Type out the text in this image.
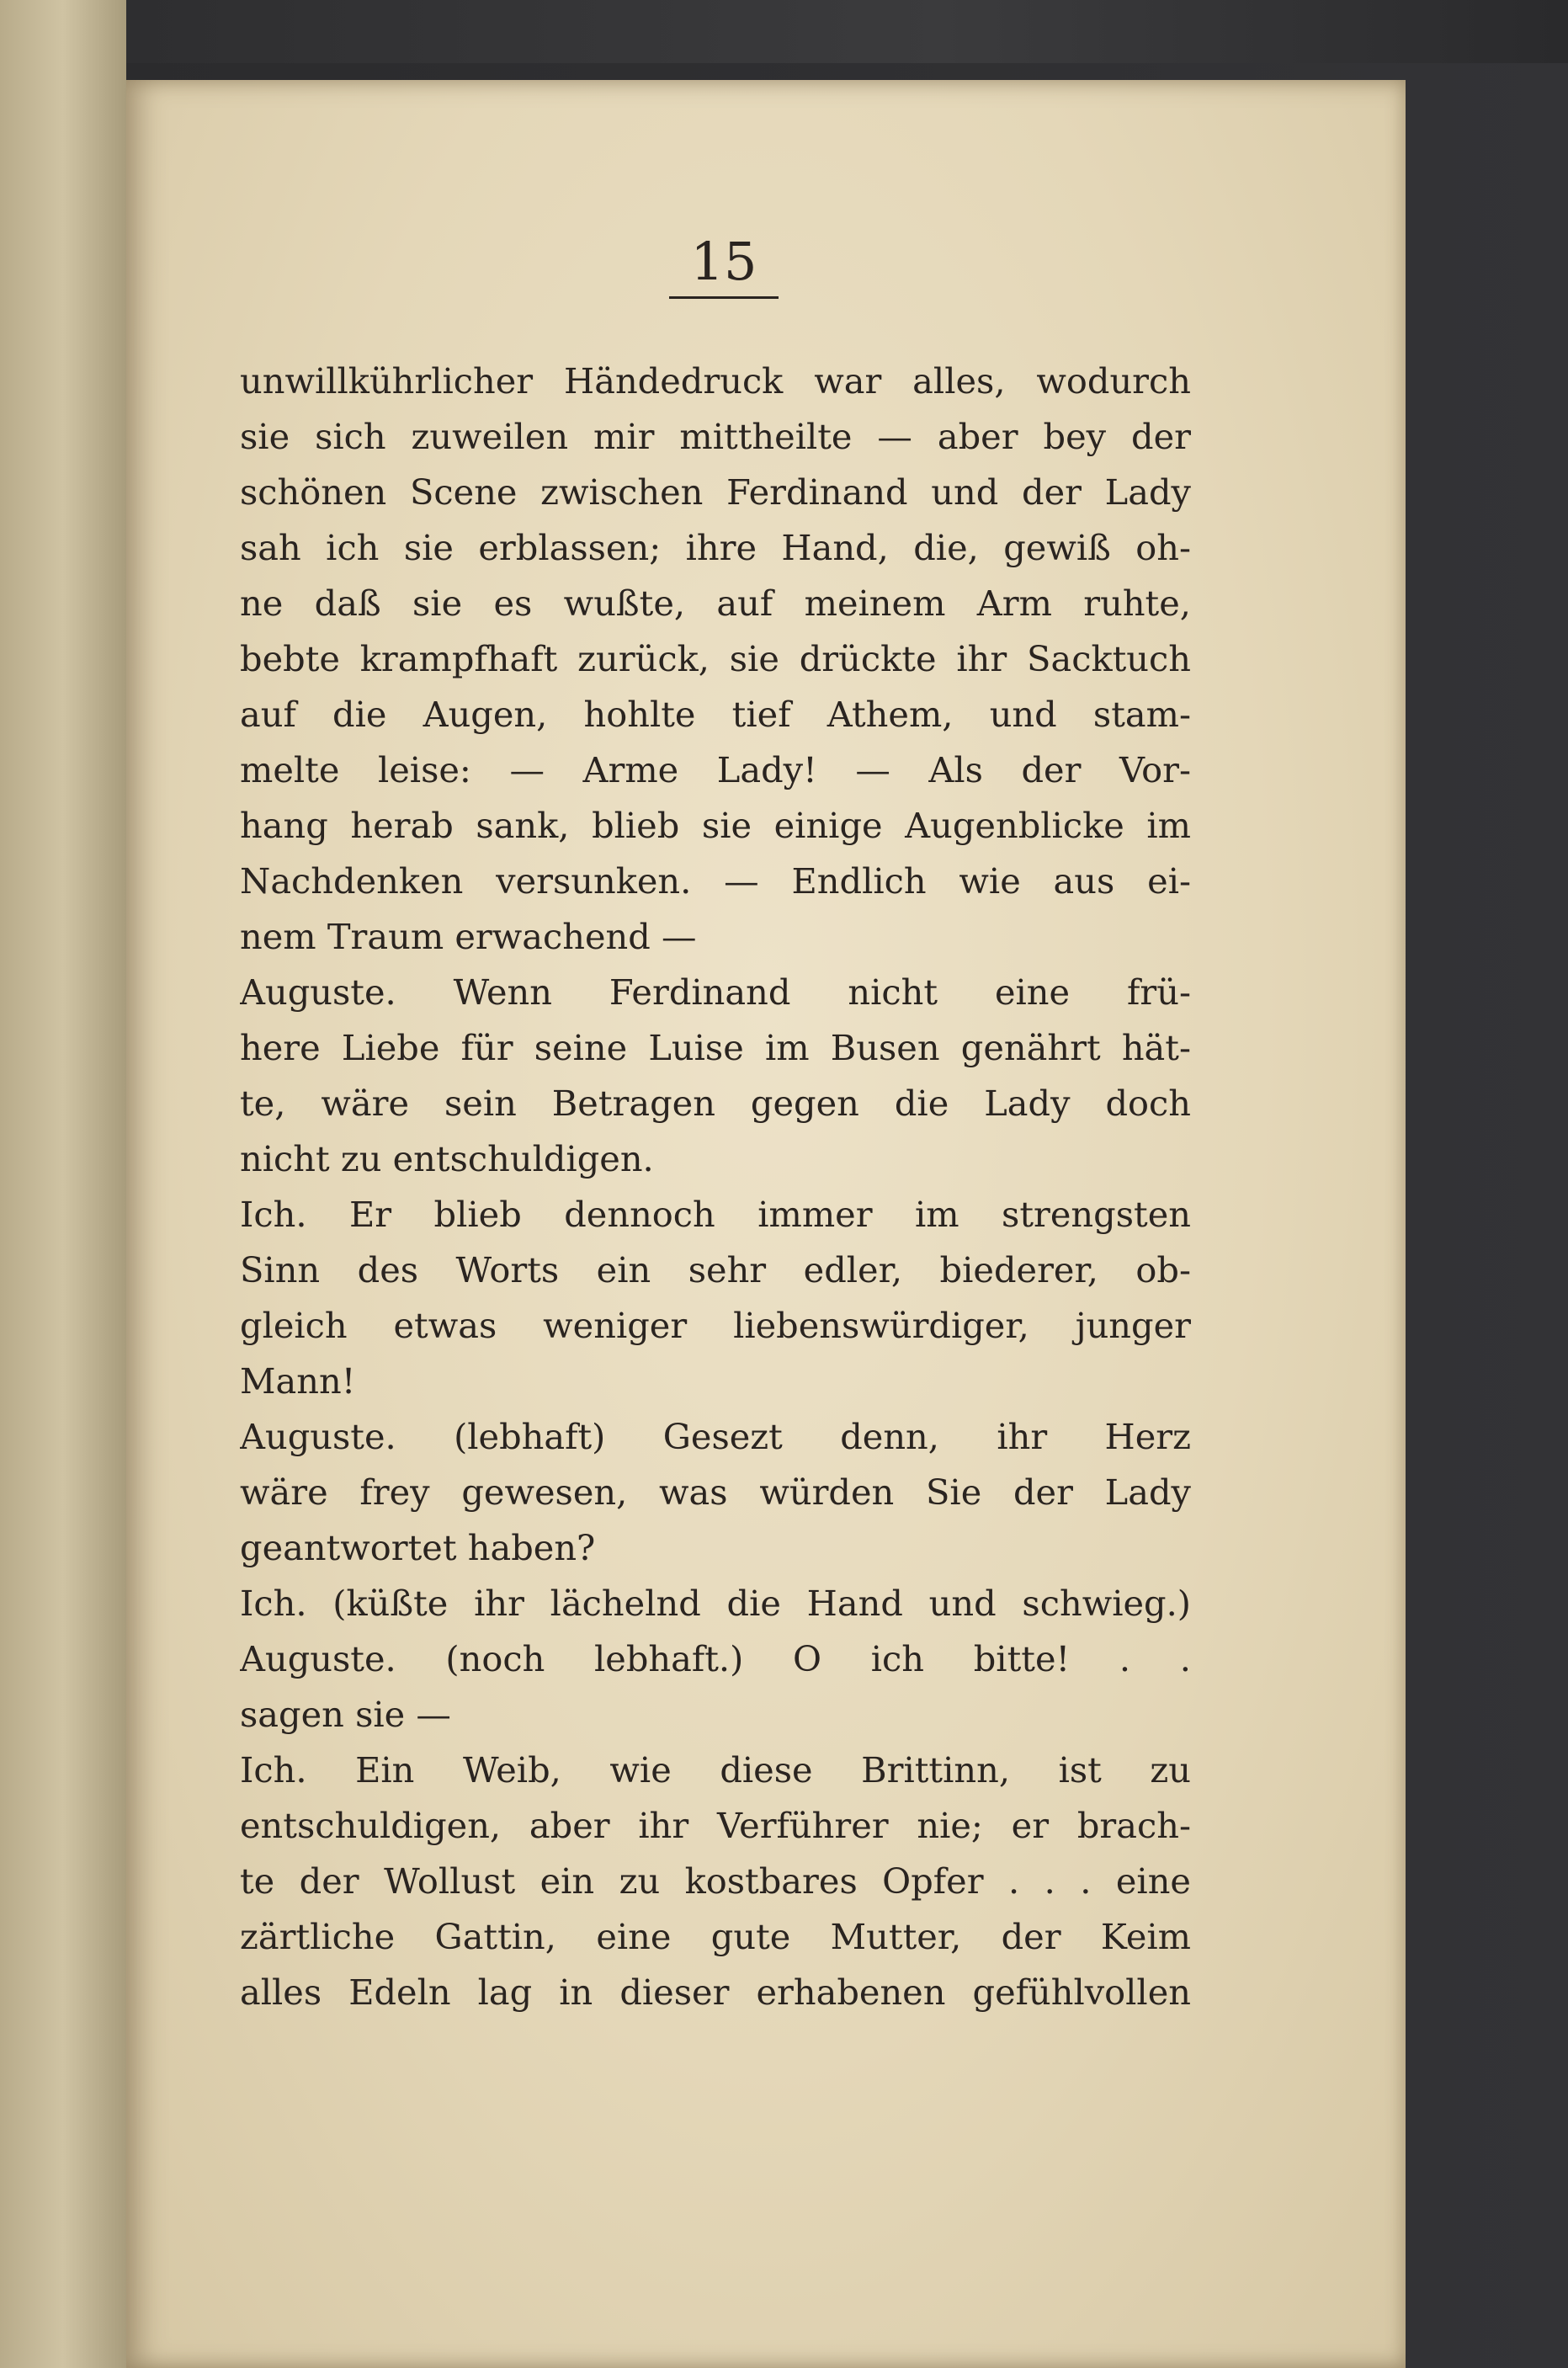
15
unwillkührlicher Händedruck war alles, wodurch
sie sich zuweilen mir mittheilte — aber bey der
schönen Scene zwischen Ferdinand und der Lady
sah ich sie erblassen; ihre Hand, die, gewiß oh-
ne daß sie es wußte, auf meinem Arm ruhte,
bebte krampfhaft zurück, sie drückte ihr Sacktuch
auf die Augen, hohlte tief Athem, und stam-
melte leise: — Arme Lady! — Als der Vor-
hang herab sank, blieb sie einige Augenblicke im
Nachdenken versunken. — Endlich wie aus ei-
nem Traum erwachend —
Auguste. Wenn Ferdinand nicht eine frü-
here Liebe für seine Luise im Busen genährt hät-
te, wäre sein Betragen gegen die Lady doch
nicht zu entschuldigen.
Ich. Er blieb dennoch immer im strengsten
Sinn des Worts ein sehr edler, biederer, ob-
gleich etwas weniger liebenswürdiger, junger
Mann!
Auguste. (lebhaft) Gesezt denn, ihr Herz
wäre frey gewesen, was würden Sie der Lady
geantwortet haben?
Ich. (küßte ihr lächelnd die Hand und schwieg.)
Auguste. (noch lebhaft.) O ich bitte! . .
sagen sie —
Ich. Ein Weib, wie diese Brittinn, ist zu
entschuldigen, aber ihr Verführer nie; er brach-
te der Wollust ein zu kostbares Opfer . . . eine
zärtliche Gattin, eine gute Mutter, der Keim
alles Edeln lag in dieser erhabenen gefühlvollen
